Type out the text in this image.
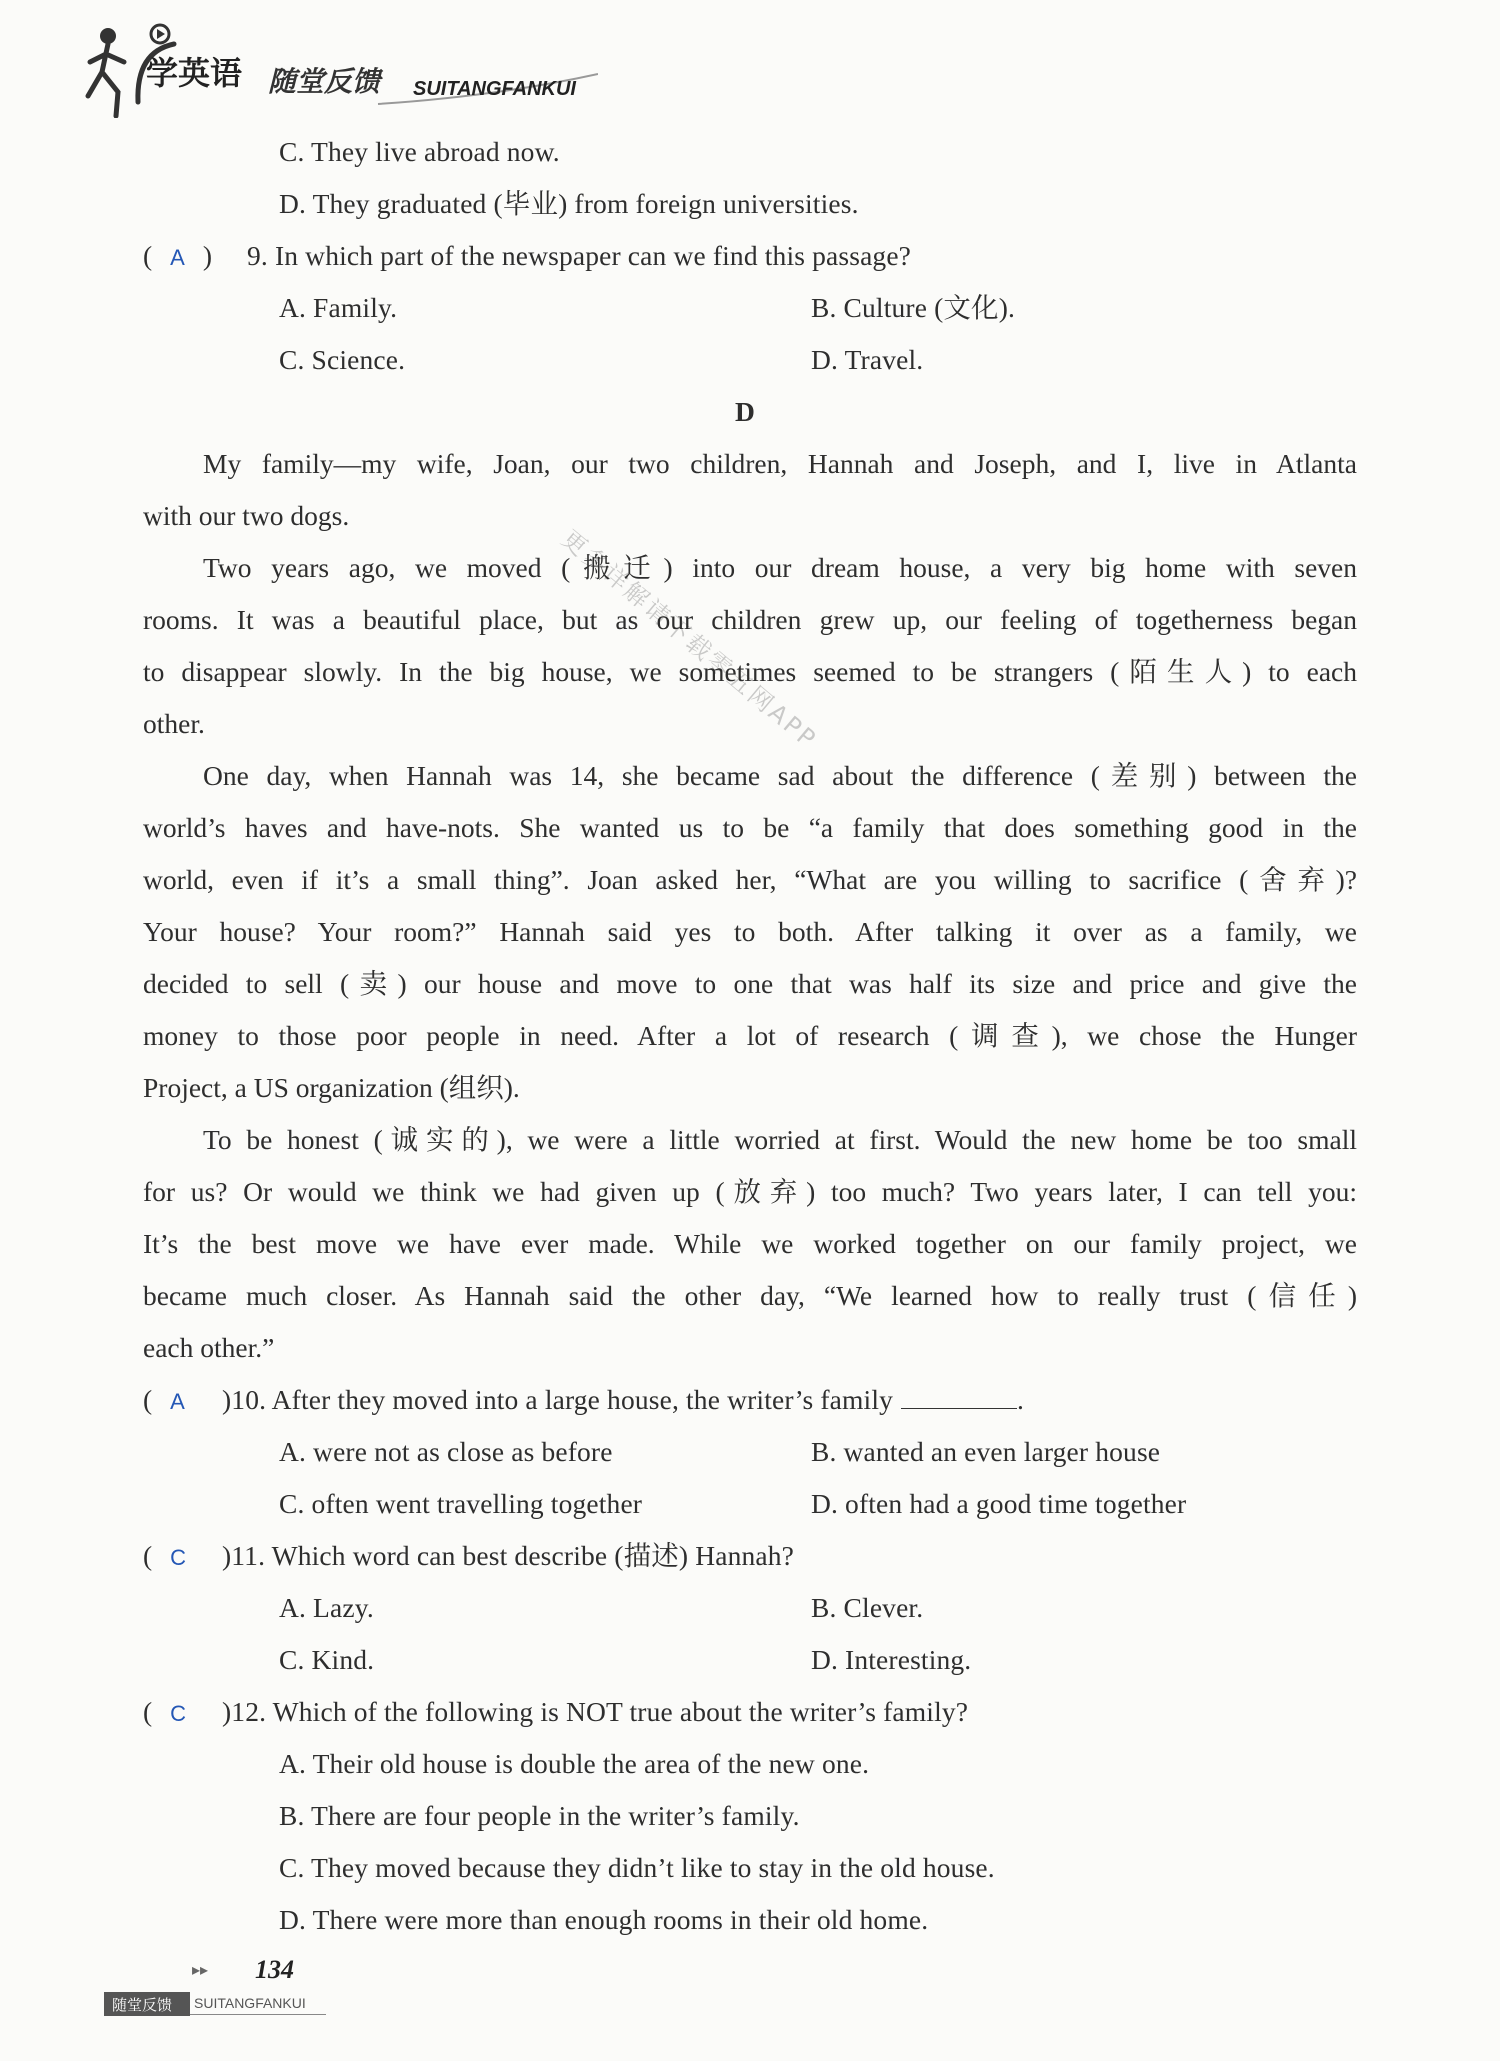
学英语 随堂反馈 SUITANGFANKUI
更多详解请下载零五网APP
C. They live abroad now.
D. They graduated (毕业) from foreign universities.
( A ) 9. In which part of the newspaper can we find this passage?
A. Family.	B. Culture (文化).
C. Science.	D. Travel.
D
My family—my wife, Joan, our two children, Hannah and Joseph, and I, live in Atlanta
with our two dogs.
Two years ago, we moved (搬迁) into our dream house, a very big home with seven
rooms. It was a beautiful place, but as our children grew up, our feeling of togetherness began
to disappear slowly. In the big house, we sometimes seemed to be strangers (陌生人) to each
other.
One day, when Hannah was 14, she became sad about the difference (差别) between the
world’s haves and have-nots. She wanted us to be “a family that does something good in the
world, even if it’s a small thing”. Joan asked her, “What are you willing to sacrifice (舍弃)?
Your house? Your room?” Hannah said yes to both. After talking it over as a family, we
decided to sell (卖) our house and move to one that was half its size and price and give the
money to those poor people in need. After a lot of research (调查), we chose the Hunger
Project, a US organization (组织).
To be honest (诚实的), we were a little worried at first. Would the new home be too small
for us? Or would we think we had given up (放弃) too much? Two years later, I can tell you:
It’s the best move we have ever made. While we worked together on our family project, we
became much closer. As Hannah said the other day, “We learned how to really trust (信任)
each other.”
( A	)10. After they moved into a large house, the writer’s family	.
A. were not as close as before	B. wanted an even larger house
C. often went travelling together	D. often had a good time together
( C	)11. Which word can best describe (描述) Hannah?
A. Lazy.	B. Clever.
C. Kind.	D. Interesting.
( C	)12. Which of the following is NOT true about the writer’s family?
A. Their old house is double the area of the new one.
B. There are four people in the writer’s family.
C. They moved because they didn’t like to stay in the old house.
D. There were more than enough rooms in their old home.
▸▸ 134
随堂反馈 SUITANGFANKUI
